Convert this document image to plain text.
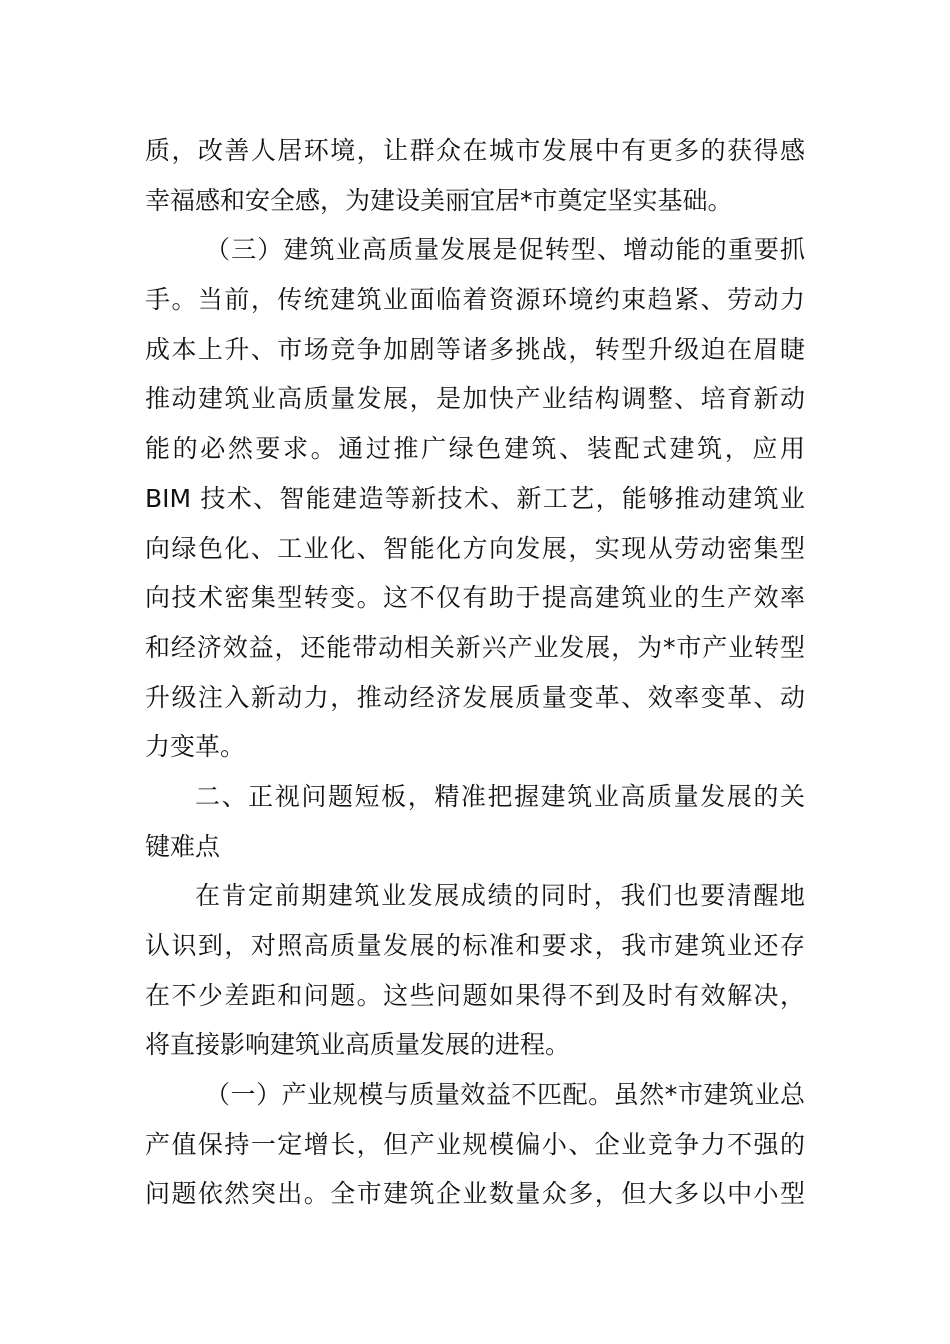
质，改善人居环境，让群众在城市发展中有更多的获得感
幸福感和安全感，为建设美丽宜居*市奠定坚实基础。
（三）建筑业高质量发展是促转型、增动能的重要抓
手。当前，传统建筑业面临着资源环境约束趋紧、劳动力
成本上升、市场竞争加剧等诸多挑战，转型升级迫在眉睫
推动建筑业高质量发展，是加快产业结构调整、培育新动
能的必然要求。通过推广绿色建筑、装配式建筑，应用
BIM 技术、智能建造等新技术、新工艺，能够推动建筑业
向绿色化、工业化、智能化方向发展，实现从劳动密集型
向技术密集型转变。这不仅有助于提高建筑业的生产效率
和经济效益，还能带动相关新兴产业发展，为*市产业转型
升级注入新动力，推动经济发展质量变革、效率变革、动
力变革。
二、正视问题短板，精准把握建筑业高质量发展的关
键难点
在肯定前期建筑业发展成绩的同时，我们也要清醒地
认识到，对照高质量发展的标准和要求，我市建筑业还存
在不少差距和问题。这些问题如果得不到及时有效解决，
将直接影响建筑业高质量发展的进程。
（一）产业规模与质量效益不匹配。虽然*市建筑业总
产值保持一定增长，但产业规模偏小、企业竞争力不强的
问题依然突出。全市建筑企业数量众多，但大多以中小型
